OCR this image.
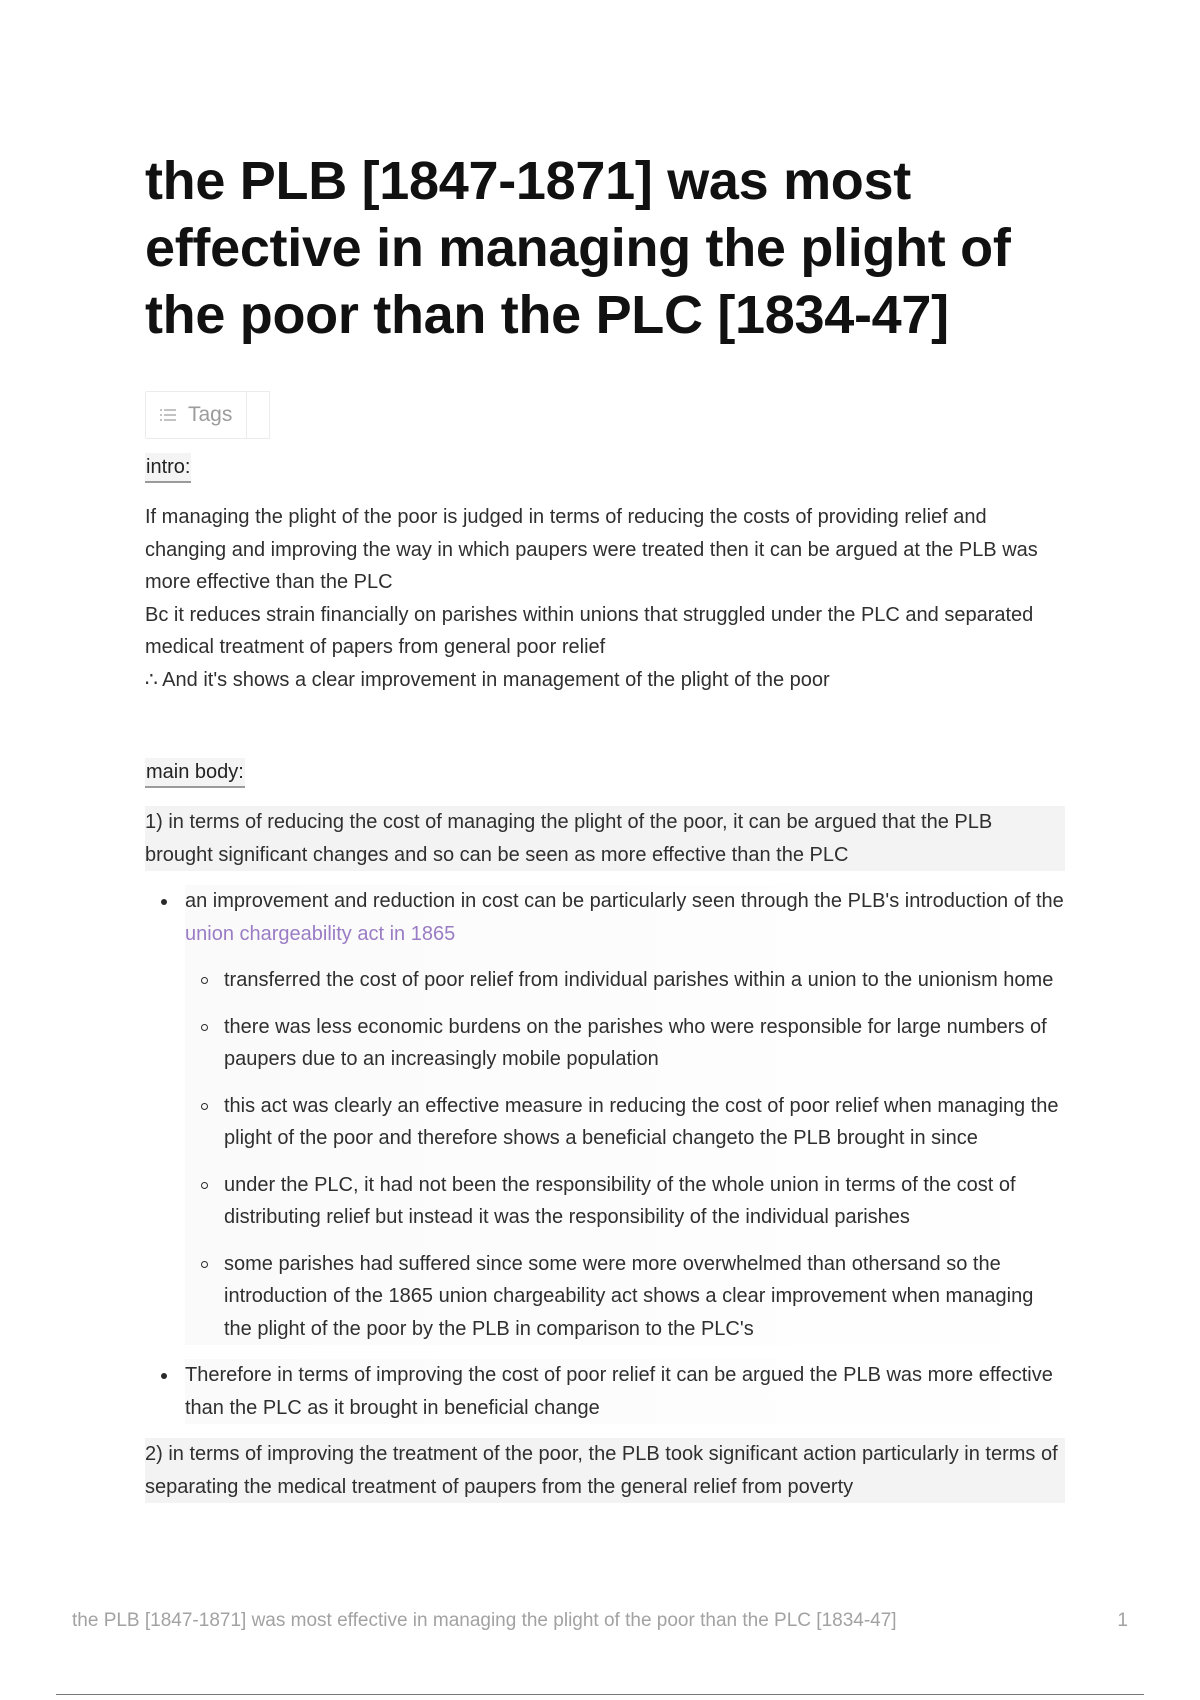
the PLB [1847-1871] was most effective in managing the plight of the poor than the PLC [1834-47]
Tags
intro:
If managing the plight of the poor is judged in terms of reducing the costs of providing relief and changing and improving the way in which paupers were treated then it can be argued at the PLB was more effective than the PLC
Bc it reduces strain financially on parishes within unions that struggled under the PLC and separated medical treatment of papers from general poor relief
∴ And it's shows a clear improvement in management of the plight of the poor
main body:
1) in terms of reducing the cost of managing the plight of the poor, it can be argued that the PLB brought significant changes and so can be seen as more effective than the PLC
an improvement and reduction in cost can be particularly seen through the PLB's introduction of the union chargeability act in 1865
transferred the cost of poor relief from individual parishes within a union to the unionism home
there was less economic burdens on the parishes who were responsible for large numbers of paupers due to an increasingly mobile population
this act was clearly an effective measure in reducing the cost of poor relief when managing the plight of the poor and therefore shows a beneficial changeto the PLB brought in since
under the PLC, it had not been the responsibility of the whole union in terms of the cost of distributing relief but instead it was the responsibility of the individual parishes
some parishes had suffered since some were more overwhelmed than othersand so the introduction of the 1865 union chargeability act shows a clear improvement when managing the plight of the poor by the PLB in comparison to the PLC's
Therefore in terms of improving the cost of poor relief it can be argued the PLB was more effective than the PLC as it brought in beneficial change
2) in terms of improving the treatment of the poor, the PLB took significant action particularly in terms of separating the medical treatment of paupers from the general relief from poverty
the PLB [1847-1871] was most effective in managing the plight of the poor than the PLC [1834-47]	1
